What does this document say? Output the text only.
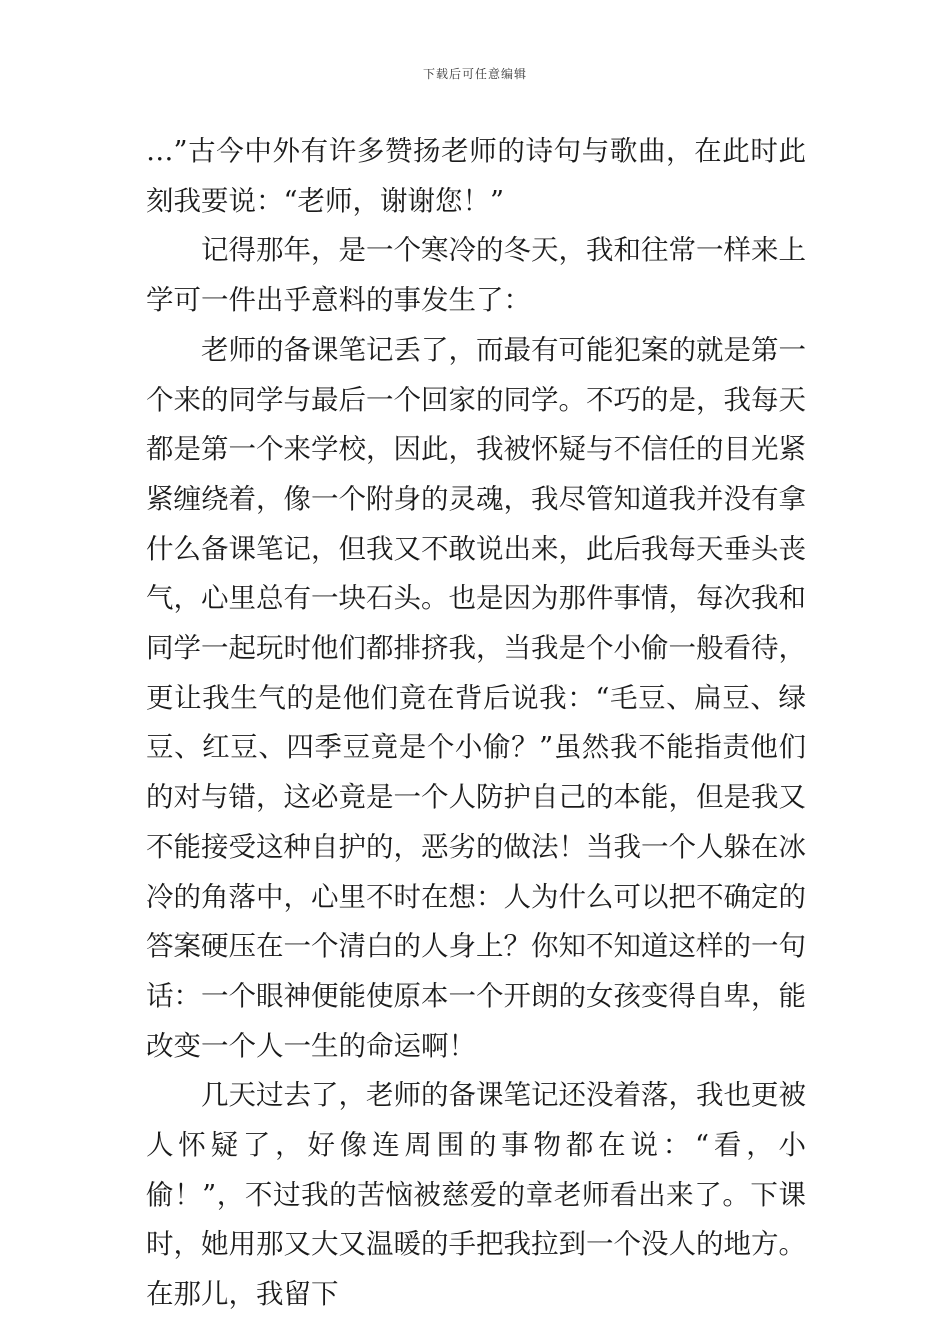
下载后可任意编辑

…”古今中外有许多赞扬老师的诗句与歌曲，在此时此刻我要说：“老师，谢谢您！”

记得那年，是一个寒冷的冬天，我和往常一样来上学可一件出乎意料的事发生了：

老师的备课笔记丢了，而最有可能犯案的就是第一个来的同学与最后一个回家的同学。不巧的是，我每天都是第一个来学校，因此，我被怀疑与不信任的目光紧紧缠绕着，像一个附身的灵魂，我尽管知道我并没有拿什么备课笔记，但我又不敢说出来，此后我每天垂头丧气，心里总有一块石头。也是因为那件事情，每次我和同学一起玩时他们都排挤我，当我是个小偷一般看待，更让我生气的是他们竟在背后说我：“毛豆、扁豆、绿豆、红豆、四季豆竟是个小偷？”虽然我不能指责他们的对与错，这必竟是一个人防护自己的本能，但是我又不能接受这种自护的，恶劣的做法！当我一个人躲在冰冷的角落中，心里不时在想：人为什么可以把不确定的答案硬压在一个清白的人身上？你知不知道这样的一句话：一个眼神便能使原本一个开朗的女孩变得自卑，能改变一个人一生的命运啊！

几天过去了，老师的备课笔记还没着落，我也更被人怀疑了，好像连周围的事物都在说：“看，小偷！”，不过我的苦恼被慈爱的章老师看出来了。下课时，她用那又大又温暖的手把我拉到一个没人的地方。在那儿，我留下
